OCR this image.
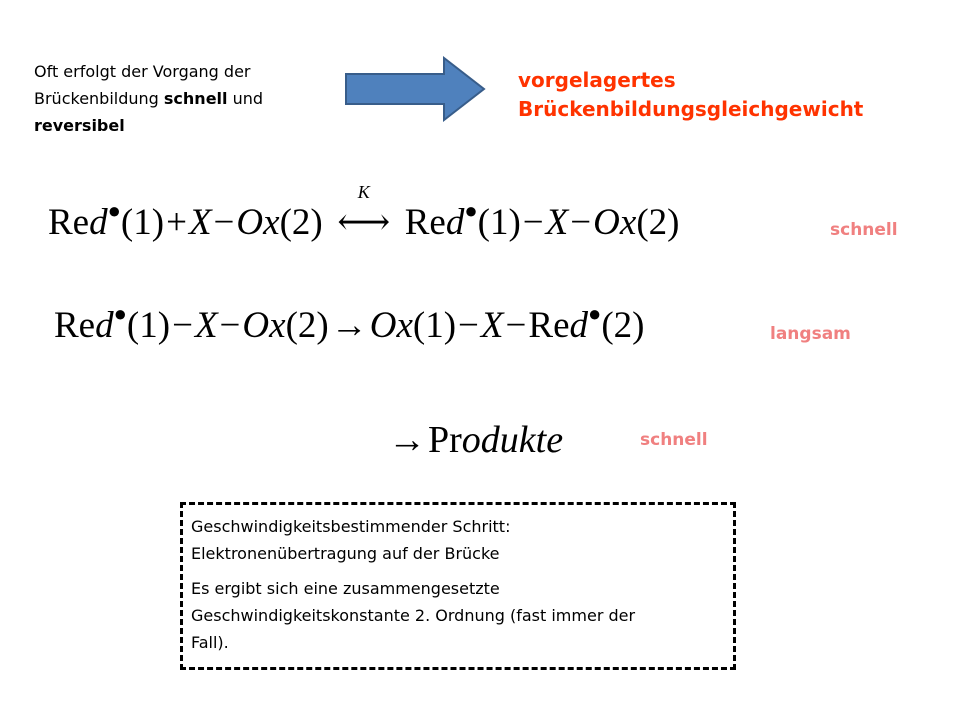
Oft erfolgt der Vorgang der
Brückenbildung schnell und
reversibel
vorgelagertes
Brückenbildungsgleichgewicht
Red●(1)+X−Ox(2)
K
⟷ Red●(1)−X−Ox(2)	schnell
Red●(1)−X−Ox(2)→Ox(1)−X−Red●(2)	langsam
→Produkte	schnell

Geschwindigkeitsbestimmender Schritt:
Elektronenübertragung auf der Brücke

Es ergibt sich eine zusammengesetzte
Geschwindigkeitskonstante 2. Ordnung (fast immer der
Fall).
